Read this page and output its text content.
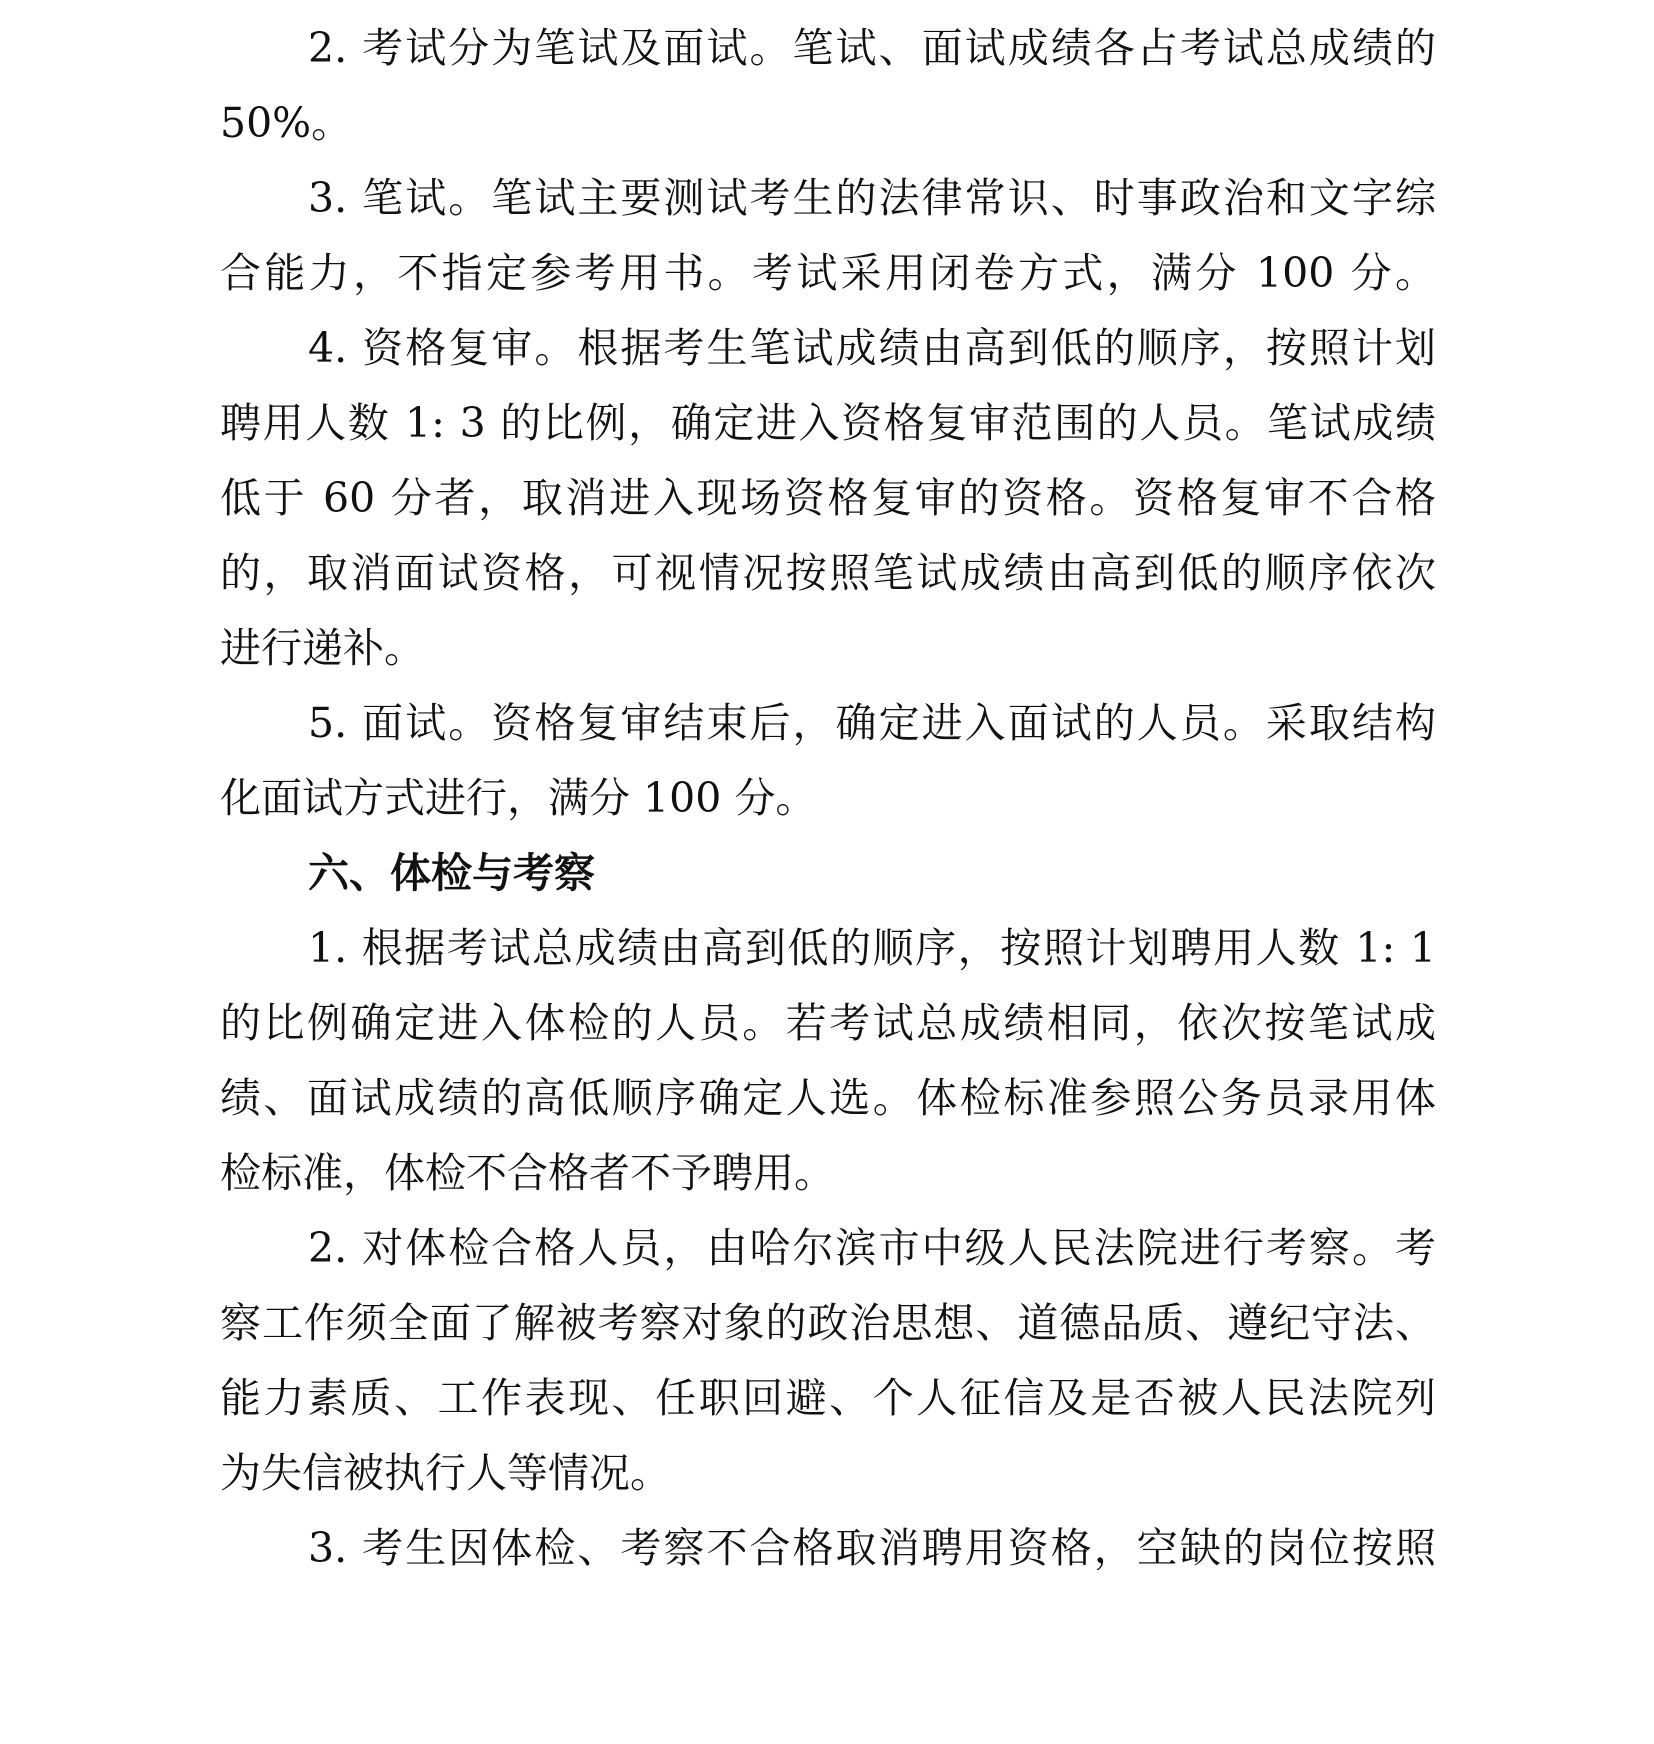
2. 考试分为笔试及面试。笔试、面试成绩各占考试总成绩的
50%。
3. 笔试。笔试主要测试考生的法律常识、时事政治和文字综
合能力，不指定参考用书。考试采用闭卷方式，满分 100 分。
4. 资格复审。根据考生笔试成绩由高到低的顺序，按照计划
聘用人数 1: 3 的比例，确定进入资格复审范围的人员。笔试成绩
低于 60 分者，取消进入现场资格复审的资格。资格复审不合格
的，取消面试资格，可视情况按照笔试成绩由高到低的顺序依次
进行递补。
5. 面试。资格复审结束后，确定进入面试的人员。采取结构
化面试方式进行，满分 100 分。
六、体检与考察
1. 根据考试总成绩由高到低的顺序，按照计划聘用人数 1: 1
的比例确定进入体检的人员。若考试总成绩相同，依次按笔试成
绩、面试成绩的高低顺序确定人选。体检标准参照公务员录用体
检标准，体检不合格者不予聘用。
2. 对体检合格人员，由哈尔滨市中级人民法院进行考察。考
察工作须全面了解被考察对象的政治思想、道德品质、遵纪守法、
能力素质、工作表现、任职回避、个人征信及是否被人民法院列
为失信被执行人等情况。
3. 考生因体检、考察不合格取消聘用资格，空缺的岗位按照
